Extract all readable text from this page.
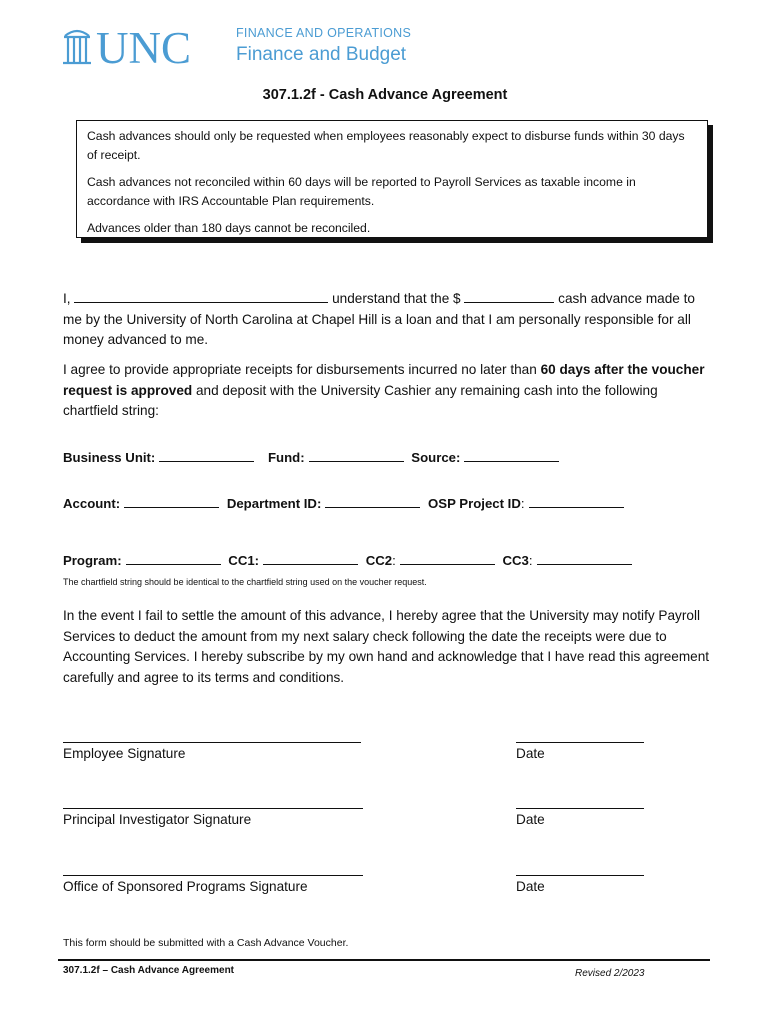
UNC	FINANCE AND OPERATIONS
Finance and Budget
307.1.2f - Cash Advance Agreement

Cash advances should only be requested when employees reasonably expect to disburse funds within 30 days of receipt.

Cash advances not reconciled within 60 days will be reported to Payroll Services as taxable income in accordance with IRS Accountable Plan requirements.

Advances older than 180 days cannot be reconciled.

I,	understand that the $	cash advance made to me by the University of North Carolina at Chapel Hill is a loan and that I am personally responsible for all money advanced to me.

I agree to provide appropriate receipts for disbursements incurred no later than 60 days after the voucher request is approved and deposit with the University Cashier any remaining cash into the following chartfield string:

Business Unit:	Fund:	Source:
Account:	Department ID:	OSP Project ID:
Program:	CC1:	CC2:	CC3:
The chartfield string should be identical to the chartfield string used on the voucher request.

In the event I fail to settle the amount of this advance, I hereby agree that the University may notify Payroll Services to deduct the amount from my next salary check following the date the receipts were due to Accounting Services. I hereby subscribe by my own hand and acknowledge that I have read this agreement carefully and agree to its terms and conditions.

Employee Signature	Date
Principal Investigator Signature	Date
Office of Sponsored Programs Signature	Date
This form should be submitted with a Cash Advance Voucher.
307.1.2f – Cash Advance Agreement	Revised 2/2023
